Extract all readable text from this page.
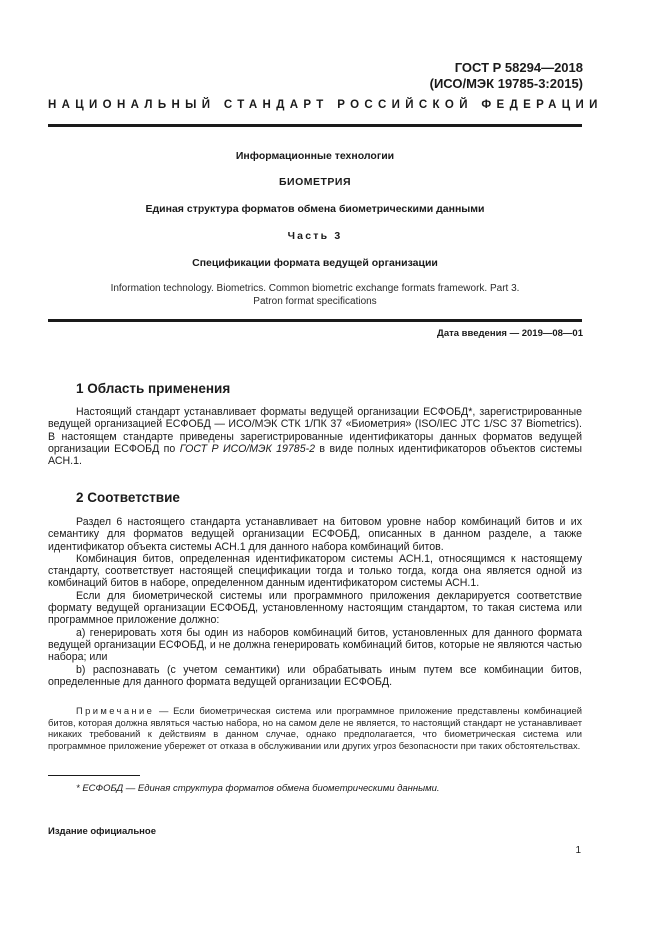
ГОСТ Р 58294—2018
(ИСО/МЭК 19785-3:2015)
НАЦИОНАЛЬНЫЙ СТАНДАРТ РОССИЙСКОЙ ФЕДЕРАЦИИ
Информационные технологии
БИОМЕТРИЯ
Единая структура форматов обмена биометрическими данными
Часть 3
Спецификации формата ведущей организации
Information technology. Biometrics. Common biometric exchange formats framework. Part 3.
Patron format specifications
Дата введения — 2019—08—01
1 Область применения

Настоящий стандарт устанавливает форматы ведущей организации ЕСФОБД*, зарегистрированные ведущей организацией ЕСФОБД — ИСО/МЭК СТК 1/ПК 37 «Биометрия» (ISO/IEC JTC 1/SC 37 Biometrics). В настоящем стандарте приведены зарегистрированные идентификаторы данных форматов ведущей организации ЕСФОБД по ГОСТ Р ИСО/МЭК 19785-2 в виде полных идентификаторов объектов системы АСН.1.

2 Соответствие

Раздел 6 настоящего стандарта устанавливает на битовом уровне набор комбинаций битов и их семантику для форматов ведущей организации ЕСФОБД, описанных в данном разделе, а также идентификатор объекта системы АСН.1 для данного набора комбинаций битов.

Комбинация битов, определенная идентификатором системы АСН.1, относящимся к настоящему стандарту, соответствует настоящей спецификации тогда и только тогда, когда она является одной из комбинаций битов в наборе, определенном данным идентификатором системы АСН.1.

Если для биометрической системы или программного приложения декларируется соответствие формату ведущей организации ЕСФОБД, установленному настоящим стандартом, то такая система или программное приложение должно:

a) генерировать хотя бы один из наборов комбинаций битов, установленных для данного формата ведущей организации ЕСФОБД, и не должна генерировать комбинаций битов, которые не являются частью набора; или

b) распознавать (с учетом семантики) или обрабатывать иным путем все комбинации битов, определенные для данного формата ведущей организации ЕСФОБД.

Примечание — Если биометрическая система или программное приложение представлены комбинацией битов, которая должна являться частью набора, но на самом деле не является, то настоящий стандарт не устанавливает никаких требований к действиям в данном случае, однако предполагается, что биометрическая система или программное приложение убережет от отказа в обслуживании или других угроз безопасности при таких обстоятельствах.

* ЕСФОБД — Единая структура форматов обмена биометрическими данными.
Издание официальное
1
